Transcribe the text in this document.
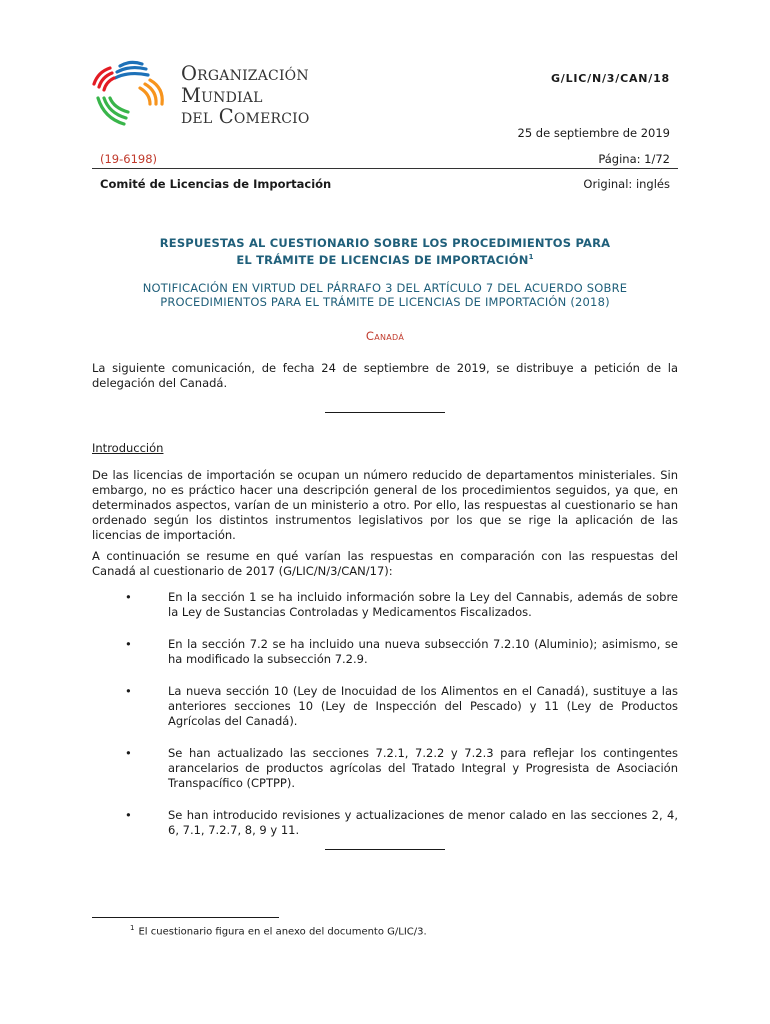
Organización
Mundial
del Comercio
G/LIC/N/3/CAN/18
25 de septiembre de 2019
(19-6198)	Página: 1/72
Comité de Licencias de Importación	Original: inglés
RESPUESTAS AL CUESTIONARIO SOBRE LOS PROCEDIMIENTOS PARA
EL TRÁMITE DE LICENCIAS DE IMPORTACIÓN$^1$
NOTIFICACIÓN EN VIRTUD DEL PÁRRAFO 3 DEL ARTÍCULO 7 DEL ACUERDO SOBRE
PROCEDIMIENTOS PARA EL TRÁMITE DE LICENCIAS DE IMPORTACIÓN (2018)
Canadá
La siguiente comunicación, de fecha 24 de septiembre de 2019, se distribuye a petición de la delegación del Canadá.
Introducción
De las licencias de importación se ocupan un número reducido de departamentos ministeriales. Sin embargo, no es práctico hacer una descripción general de los procedimientos seguidos, ya que, en determinados aspectos, varían de un ministerio a otro. Por ello, las respuestas al cuestionario se han ordenado según los distintos instrumentos legislativos por los que se rige la aplicación de las licencias de importación.
A continuación se resume en qué varían las respuestas en comparación con las respuestas del Canadá al cuestionario de 2017 (G/LIC/N/3/CAN/17):
•	En la sección 1 se ha incluido información sobre la Ley del Cannabis, además de sobre la Ley de Sustancias Controladas y Medicamentos Fiscalizados.
•	En la sección 7.2 se ha incluido una nueva subsección 7.2.10 (Aluminio); asimismo, se ha modificado la subsección 7.2.9.
•	La nueva sección 10 (Ley de Inocuidad de los Alimentos en el Canadá), sustituye a las anteriores secciones 10 (Ley de Inspección del Pescado) y 11 (Ley de Productos Agrícolas del Canadá).
•	Se han actualizado las secciones 7.2.1, 7.2.2 y 7.2.3 para reflejar los contingentes arancelarios de productos agrícolas del Tratado Integral y Progresista de Asociación Transpacífico (CPTPP).
•	Se han introducido revisiones y actualizaciones de menor calado en las secciones 2, 4, 6, 7.1, 7.2.7, 8, 9 y 11.
$^1$ El cuestionario figura en el anexo del documento G/LIC/3.
